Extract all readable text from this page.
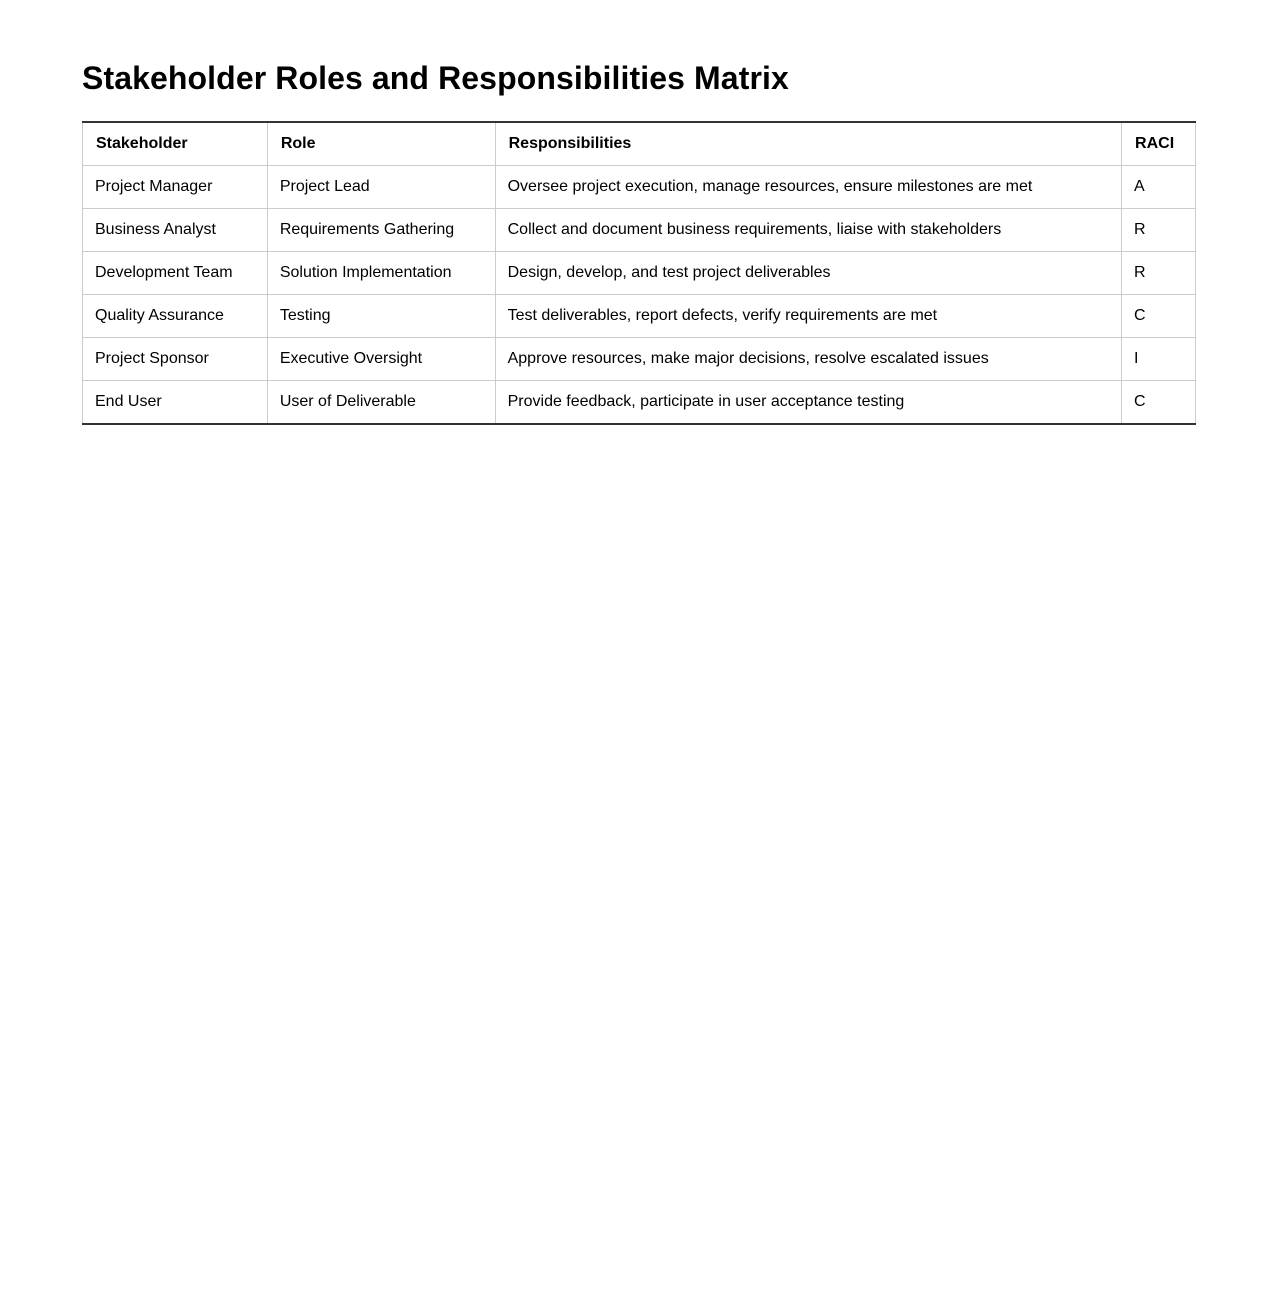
Stakeholder Roles and Responsibilities Matrix
Stakeholder	Role	Responsibilities	RACI
Project Manager	Project Lead	Oversee project execution, manage resources, ensure milestones are met	A
Business Analyst	Requirements Gathering	Collect and document business requirements, liaise with stakeholders	R
Development Team	Solution Implementation	Design, develop, and test project deliverables	R
Quality Assurance	Testing	Test deliverables, report defects, verify requirements are met	C
Project Sponsor	Executive Oversight	Approve resources, make major decisions, resolve escalated issues	I
End User	User of Deliverable	Provide feedback, participate in user acceptance testing	C
